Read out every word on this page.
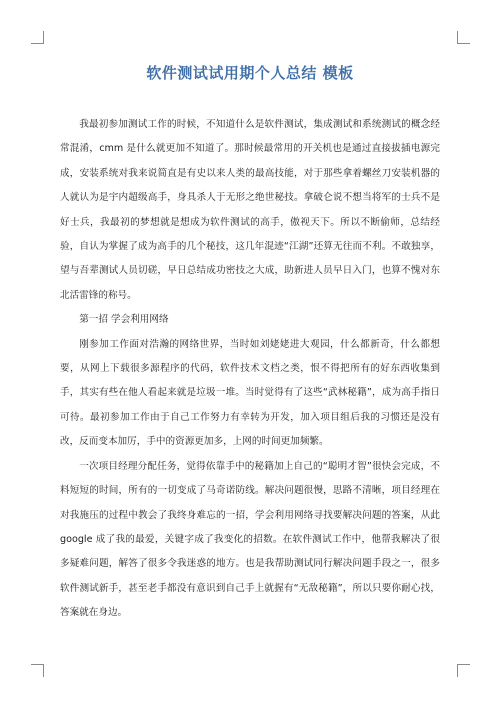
软件测试试用期个人总结 模板

我最初参加测试工作的时候，不知道什么是软件测试，集成测试和系统测试的概念经常混淆，cmm 是什么就更加不知道了。那时候最常用的开关机也是通过直接拔插电源完成，安装系统对我来说简直是有史以来人类的最高技能，对于那些拿着螺丝刀安装机器的人就认为是宇内超级高手，身具杀人于无形之绝世秘技。拿破仑说不想当将军的士兵不是好士兵，我最初的梦想就是想成为软件测试的高手，傲视天下。所以不断偷师，总结经验，自认为掌握了成为高手的几个秘技，这几年混迹“江湖”还算无往而不利。不敢独享，望与吾辈测试人员切磋，早日总结成功密技之大成，助新进人员早日入门，也算不愧对东北活雷锋的称号。

第一招 学会利用网络

刚参加工作面对浩瀚的网络世界，当时如刘姥姥进大观园，什么都新奇，什么都想要，从网上下载很多源程序的代码，软件技术文档之类，恨不得把所有的好东西收集到手，其实有些在他人看起来就是垃圾一堆。当时觉得有了这些“武林秘籍”，成为高手指日可待。最初参加工作由于自己工作努力有幸转为开发，加入项目组后我的习惯还是没有改，反而变本加厉，手中的资源更加多，上网的时间更加频繁。

一次项目经理分配任务，觉得依靠手中的秘籍加上自己的“聪明才智”很快会完成，不料短短的时间，所有的一切变成了马奇诺防线。解决问题很慢，思路不清晰，项目经理在对我施压的过程中教会了我终身难忘的一招，学会利用网络寻找要解决问题的答案，从此 google 成了我的最爱，关键字成了我变化的招数。在软件测试工作中，他帮我解决了很多疑难问题，解答了很多令我迷惑的地方。也是我帮助测试同行解决问题手段之一，很多软件测试新手，甚至老手都没有意识到自己手上就握有“无敌秘籍”，所以只要你耐心找，答案就在身边。
